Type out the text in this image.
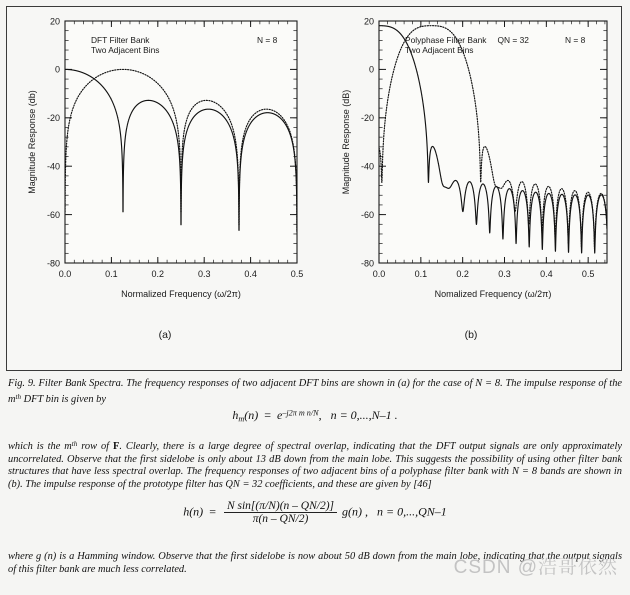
0.0	0.1	0.2	0.3	0.4	0.5
20
0
-20
-40
-60
-80
DFT Filter Bank
Two Adjacent Bins
N = 8
Normalized Frequency (ω/2π)
Magnitude Response (db)
(a)
0.0	0.1	0.2	0.3	0.4	0.5
20
0
-20
-40
-60
-80
Polyphase Filter Bank
Two Adjacent Bins
QN = 32	N = 8
Nomalized Frequency (ω/2π)
Magnitude Response (dB)
(b)
Fig. 9. Filter Bank Spectra. The frequency responses of two adjacent DFT bins are shown in (a) for the case of N = 8. The impulse response of the $m^{th}$ DFT bin is given by
$h_m(n) = e^{-j2\pi m n/N}$, n = 0,...,N–1 .
which is the $m^{th}$ row of F. Clearly, there is a large degree of spectral overlap, indicating that the DFT output signals are only approximately uncorrelated. Observe that the first sidelobe is only about 13 dB down from the main lobe. This suggests the possibility of using other filter bank structures that have less spectral overlap. The frequency responses of two adjacent bins of a polyphase filter bank with N = 8 bands are shown in (b). The impulse response of the prototype filter has QN = 32 coefficients, and these are given by [46]
$h(n) = \frac{\text{N sin[(π/N)(n – QN/2)]}}{\pi(n - QN/2)} g(n)$ , n = 0,...,QN–1
where g (n) is a Hamming window. Observe that the first sidelobe is now about 50 dB down from the main lobe, indicating that the output signals of this filter bank are much less correlated.	CSDN @浩哥依然
